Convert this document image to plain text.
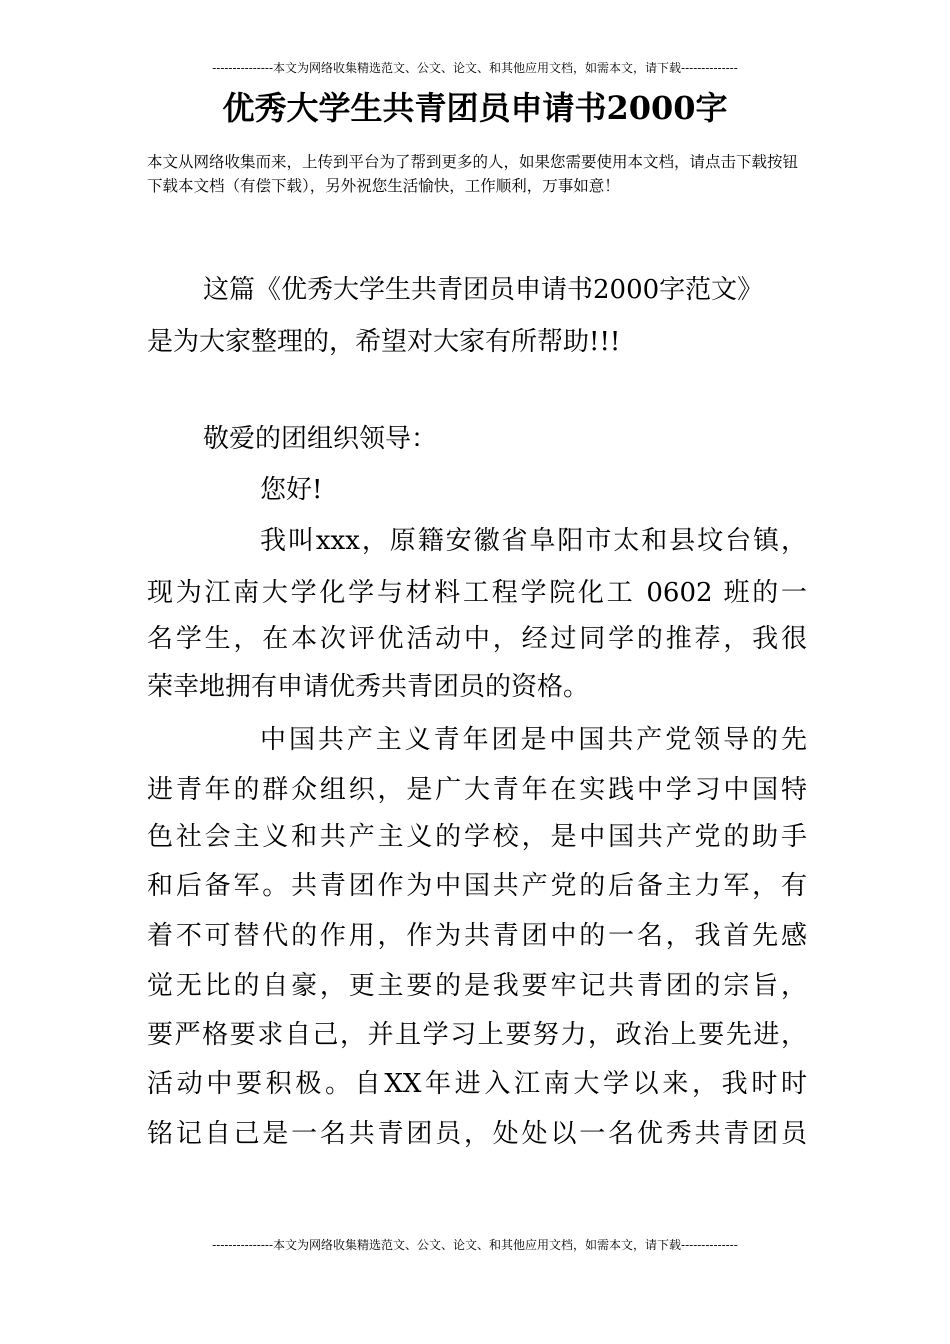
---------------本文为网络收集精选范文、公文、论文、和其他应用文档，如需本文，请下载--------------
优秀大学生共青团员申请书2000字
本文从网络收集而来，上传到平台为了帮到更多的人，如果您需要使用本文档，请点击下载按钮下载本文档（有偿下载），另外祝您生活愉快，工作顺利，万事如意！
这篇《优秀大学生共青团员申请书2000字范文》
是为大家整理的，希望对大家有所帮助!!!
敬爱的团组织领导：
您好!
我叫xxx，原籍安徽省阜阳市太和县坟台镇，
现为江南大学化学与材料工程学院化工 0602 班的一
名学生，在本次评优活动中，经过同学的推荐，我很
荣幸地拥有申请优秀共青团员的资格。
中国共产主义青年团是中国共产党领导的先
进青年的群众组织，是广大青年在实践中学习中国特
色社会主义和共产主义的学校，是中国共产党的助手
和后备军。共青团作为中国共产党的后备主力军，有
着不可替代的作用，作为共青团中的一名，我首先感
觉无比的自豪，更主要的是我要牢记共青团的宗旨，
要严格要求自己，并且学习上要努力，政治上要先进，
活动中要积极。自XX年进入江南大学以来，我时时
铭记自己是一名共青团员，处处以一名优秀共青团员
---------------本文为网络收集精选范文、公文、论文、和其他应用文档，如需本文，请下载--------------
